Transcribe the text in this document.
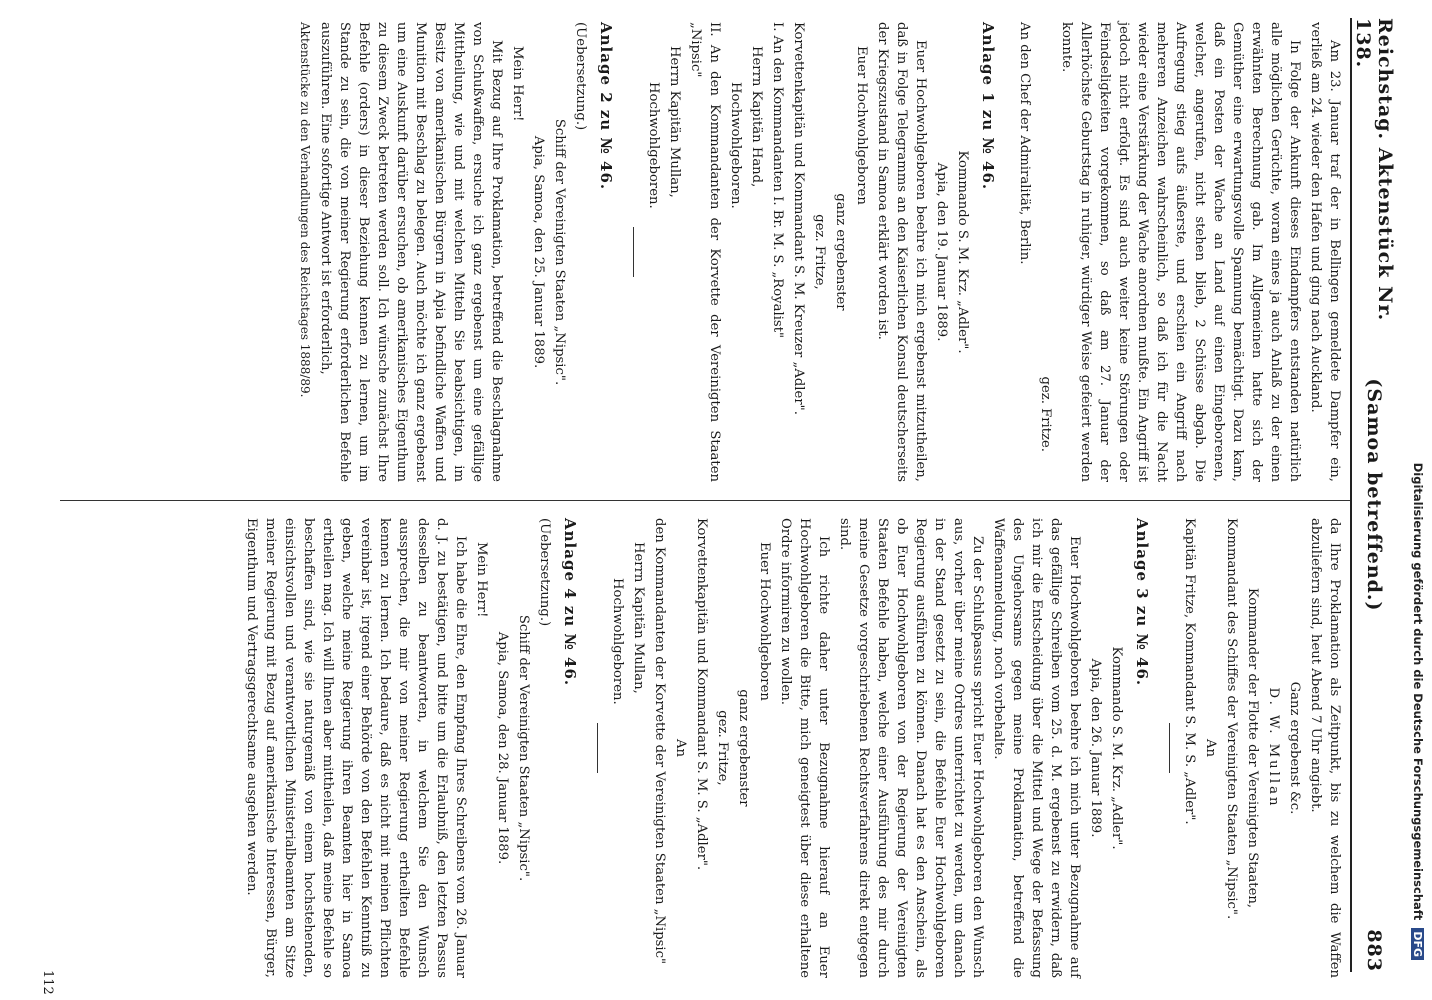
Reichstag. Aktenstück Nr. 138.
(Samoa betreffend.)
883

Am 23. Januar traf der in Bellingen gemeldete Dampfer ein, verließ am 24. wieder den Hafen und ging nach Auckland.

In Folge der Ankunft dieses Eindampfers entstanden natürlich alle möglichen Gerüchte, woran eines ja auch Anlaß zu der einen erwähnten Berechnung gab. Im Allgemeinen hatte sich der Gemüther eine erwartungsvolle Spannung bemächtigt. Dazu kam, daß ein Posten der Wache an Land auf einen Eingeborenen, welcher, angerufen, nicht stehen blieb, 2 Schüsse abgab. Die Aufregung stieg aufs äußerste, und erschien ein Angriff nach mehreren Anzeichen wahrscheinlich, so daß ich für die Nacht wieder eine Verstärkung der Wache anordnen mußte. Ein Angriff ist jedoch nicht erfolgt. Es sind auch weiter keine Störungen oder Feindseligkeiten vorgekommen, so daß am 27. Januar der Allerhöchste Geburtstag in ruhiger, würdiger Weise gefeiert werden konnte.

gez. Fritze.

An den Chef der Admiralität, Berlin.

Anlage 1 zu № 46.

Kommando S. M. Krz. „Adler".

Apia, den 19. Januar 1889.

Euer Hochwohlgeboren beehre ich mich ergebenst mitzutheilen, daß in Folge Telegramms an den Kaiserlichen Konsul deutscherseits der Kriegszustand in Samoa erklärt worden ist.

Euer Hochwohlgeboren

ganz ergebenster

gez. Fritze,

Korvettenkapitän und Kommandant S. M. Kreuzer „Adler".

I. An den Kommandanten I. Br. M. S. „Royalist"

Herrn Kapitän Hand,

Hochwohlgeboren.

II. An den Kommandanten der Korvette der Vereinigten Staaten „Nipsic"

Herrn Kapitän Mullan,

Hochwohlgeboren.

Anlage 2 zu № 46.

(Uebersetzung.)

Schiff der Vereinigten Staaten „Nipsic".

Apia, Samoa, den 25. Januar 1889.

Mein Herr!

Mit Bezug auf Ihre Proklamation, betreffend die Beschlagnahme von Schußwaffen, ersuche ich ganz ergebenst um eine gefällige Mittheilung, wie und mit welchen Mitteln Sie beabsichtigen, im Besitz von amerikanischen Bürgern in Apia befindliche Waffen und Munition mit Beschlag zu belegen. Auch möchte ich ganz ergebenst um eine Auskunft darüber ersuchen, ob amerikanisches Eigenthum zu diesem Zweck betreten werden soll. Ich wünsche zunächst Ihre Befehle (orders) in dieser Beziehung kennen zu lernen, um im Stande zu sein, die von meiner Regierung erforderlichen Befehle auszuführen. Eine sofortige Antwort ist erforderlich,

Aktenstücke zu den Verhandlungen des Reichstages 1888/89.

da Ihre Proklamation als Zeitpunkt, bis zu welchem die Waffen abzuliefern sind, heut Abend 7 Uhr angiebt.

Ganz ergebenst &c.

D. W. Mullan

Kommander der Flotte der Vereinigten Staaten,

Kommandant des Schiffes der Vereinigten Staaten „Nipsic".

An

Kapitän Fritze, Kommandant S. M. S. „Adler".

Anlage 3 zu № 46.

Kommando S. M. Krz. „Adler".

Apia, den 26. Januar 1889.

Euer Hochwohlgeboren beehre ich mich unter Bezugnahme auf das gefällige Schreiben vom 25. d. M. ergebenst zu erwidern, daß ich mir die Entscheidung über die Mittel und Wege der Befassung des Ungehorsams gegen meine Proklamation, betreffend die Waffenanmeldung, noch vorbehalte.

Zu der Schlußpassus spricht Euer Hochwohlgeboren den Wunsch aus, vorher über meine Ordres unterrichtet zu werden, um danach in der Stand gesetzt zu sein, die Befehle Euer Hochwohlgeboren Regierung ausführen zu können. Danach hat es den Anschein, als ob Euer Hochwohlgeboren von der Regierung der Vereinigten Staaten Befehle haben, welche einer Ausführung des mir durch meine Gesetze vorgeschriebenen Rechtsverfahrens direkt entgegen sind.

Ich richte daher unter Bezugnahme hierauf an Euer Hochwohlgeboren die Bitte, mich geneigtest über diese erhaltene Ordre informiren zu wollen.

Euer Hochwohlgeboren

ganz ergebenster

gez. Fritze,

Korvettenkapitän und Kommandant S. M. S. „Adler".

An

den Kommandanten der Korvette der Vereinigten Staaten „Nipsic"

Herrn Kapitän Mullan,

Hochwohlgeboren.

Anlage 4 zu № 46.

(Uebersetzung.)

Schiff der Vereinigten Staaten „Nipsic".

Apia, Samoa, den 28. Januar 1889.

Mein Herr!

Ich habe die Ehre, den Empfang Ihres Schreibens vom 26. Januar d. J. zu bestätigen, und bitte um die Erlaubniß, den letzten Passus desselben zu beantworten, in welchem Sie den Wunsch aussprechen, die mir von meiner Regierung ertheilten Befehle kennen zu lernen. Ich bedaure, daß es nicht mit meinen Pflichten vereinbar ist, irgend einer Behörde von den Befehlen Kenntniß zu geben, welche meine Regierung ihren Beamten hier in Samoa ertheilen mag. Ich will Ihnen aber mittheilen, daß meine Befehle so beschaffen sind, wie sie naturgemäß von einem hochstehenden, einsichtsvollen und verantwortlichen Ministerialbeamten am Sitze meiner Regierung mit Bezug auf amerikanische Interessen, Bürger, Eigenthum und Vertragsgerechtsame ausgehen werden.

112
Digitalisierung gefördert durch die Deutsche Forschungsgemeinschaft DFG
